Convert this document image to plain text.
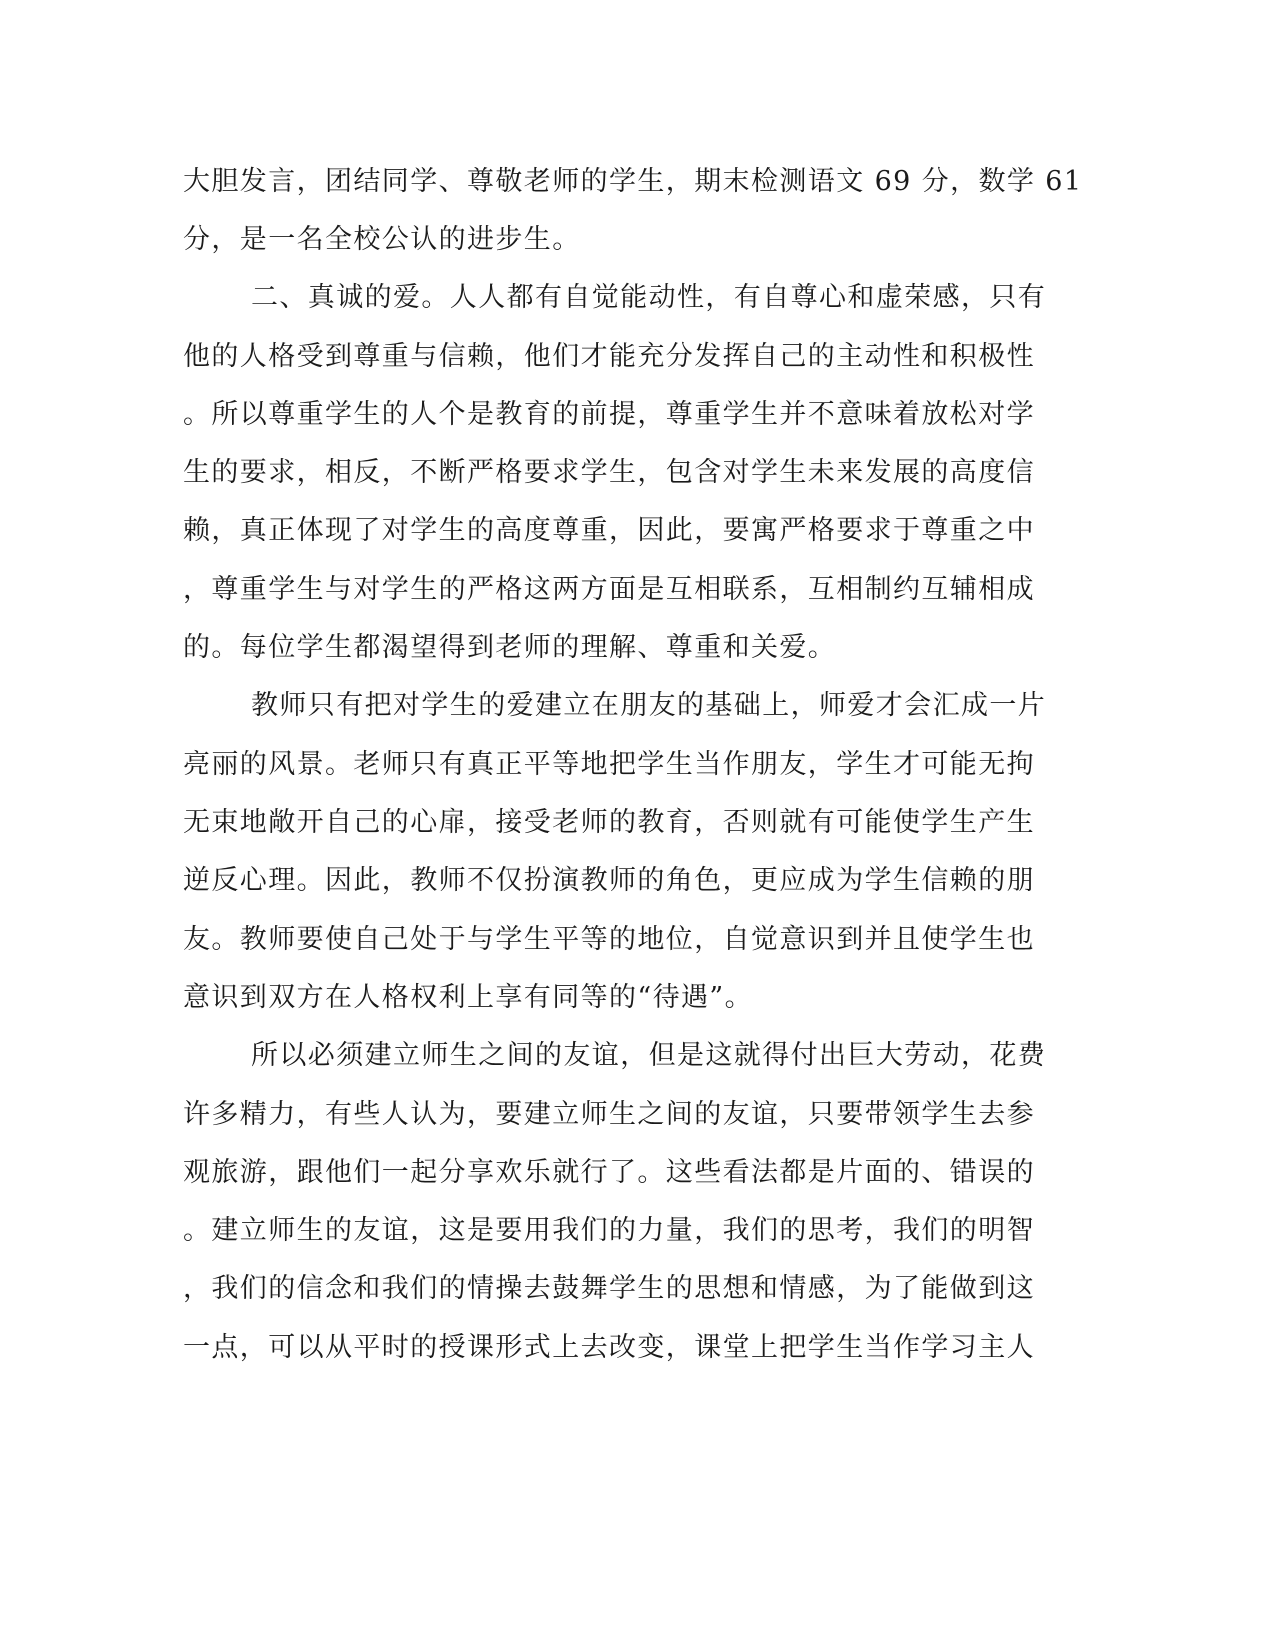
大胆发言，团结同学、尊敬老师的学生，期末检测语文 69 分，数学 61
分，是一名全校公认的进步生。
二、真诚的爱。人人都有自觉能动性，有自尊心和虚荣感，只有
他的人格受到尊重与信赖，他们才能充分发挥自己的主动性和积极性
。所以尊重学生的人个是教育的前提，尊重学生并不意味着放松对学
生的要求，相反，不断严格要求学生，包含对学生未来发展的高度信
赖，真正体现了对学生的高度尊重，因此，要寓严格要求于尊重之中
，尊重学生与对学生的严格这两方面是互相联系，互相制约互辅相成
的。每位学生都渴望得到老师的理解、尊重和关爱。
教师只有把对学生的爱建立在朋友的基础上，师爱才会汇成一片
亮丽的风景。老师只有真正平等地把学生当作朋友，学生才可能无拘
无束地敞开自己的心扉，接受老师的教育，否则就有可能使学生产生
逆反心理。因此，教师不仅扮演教师的角色，更应成为学生信赖的朋
友。教师要使自己处于与学生平等的地位，自觉意识到并且使学生也
意识到双方在人格权利上享有同等的“待遇”。
所以必须建立师生之间的友谊，但是这就得付出巨大劳动，花费
许多精力，有些人认为，要建立师生之间的友谊，只要带领学生去参
观旅游，跟他们一起分享欢乐就行了。这些看法都是片面的、错误的
。建立师生的友谊，这是要用我们的力量，我们的思考，我们的明智
，我们的信念和我们的情操去鼓舞学生的思想和情感，为了能做到这
一点，可以从平时的授课形式上去改变，课堂上把学生当作学习主人
